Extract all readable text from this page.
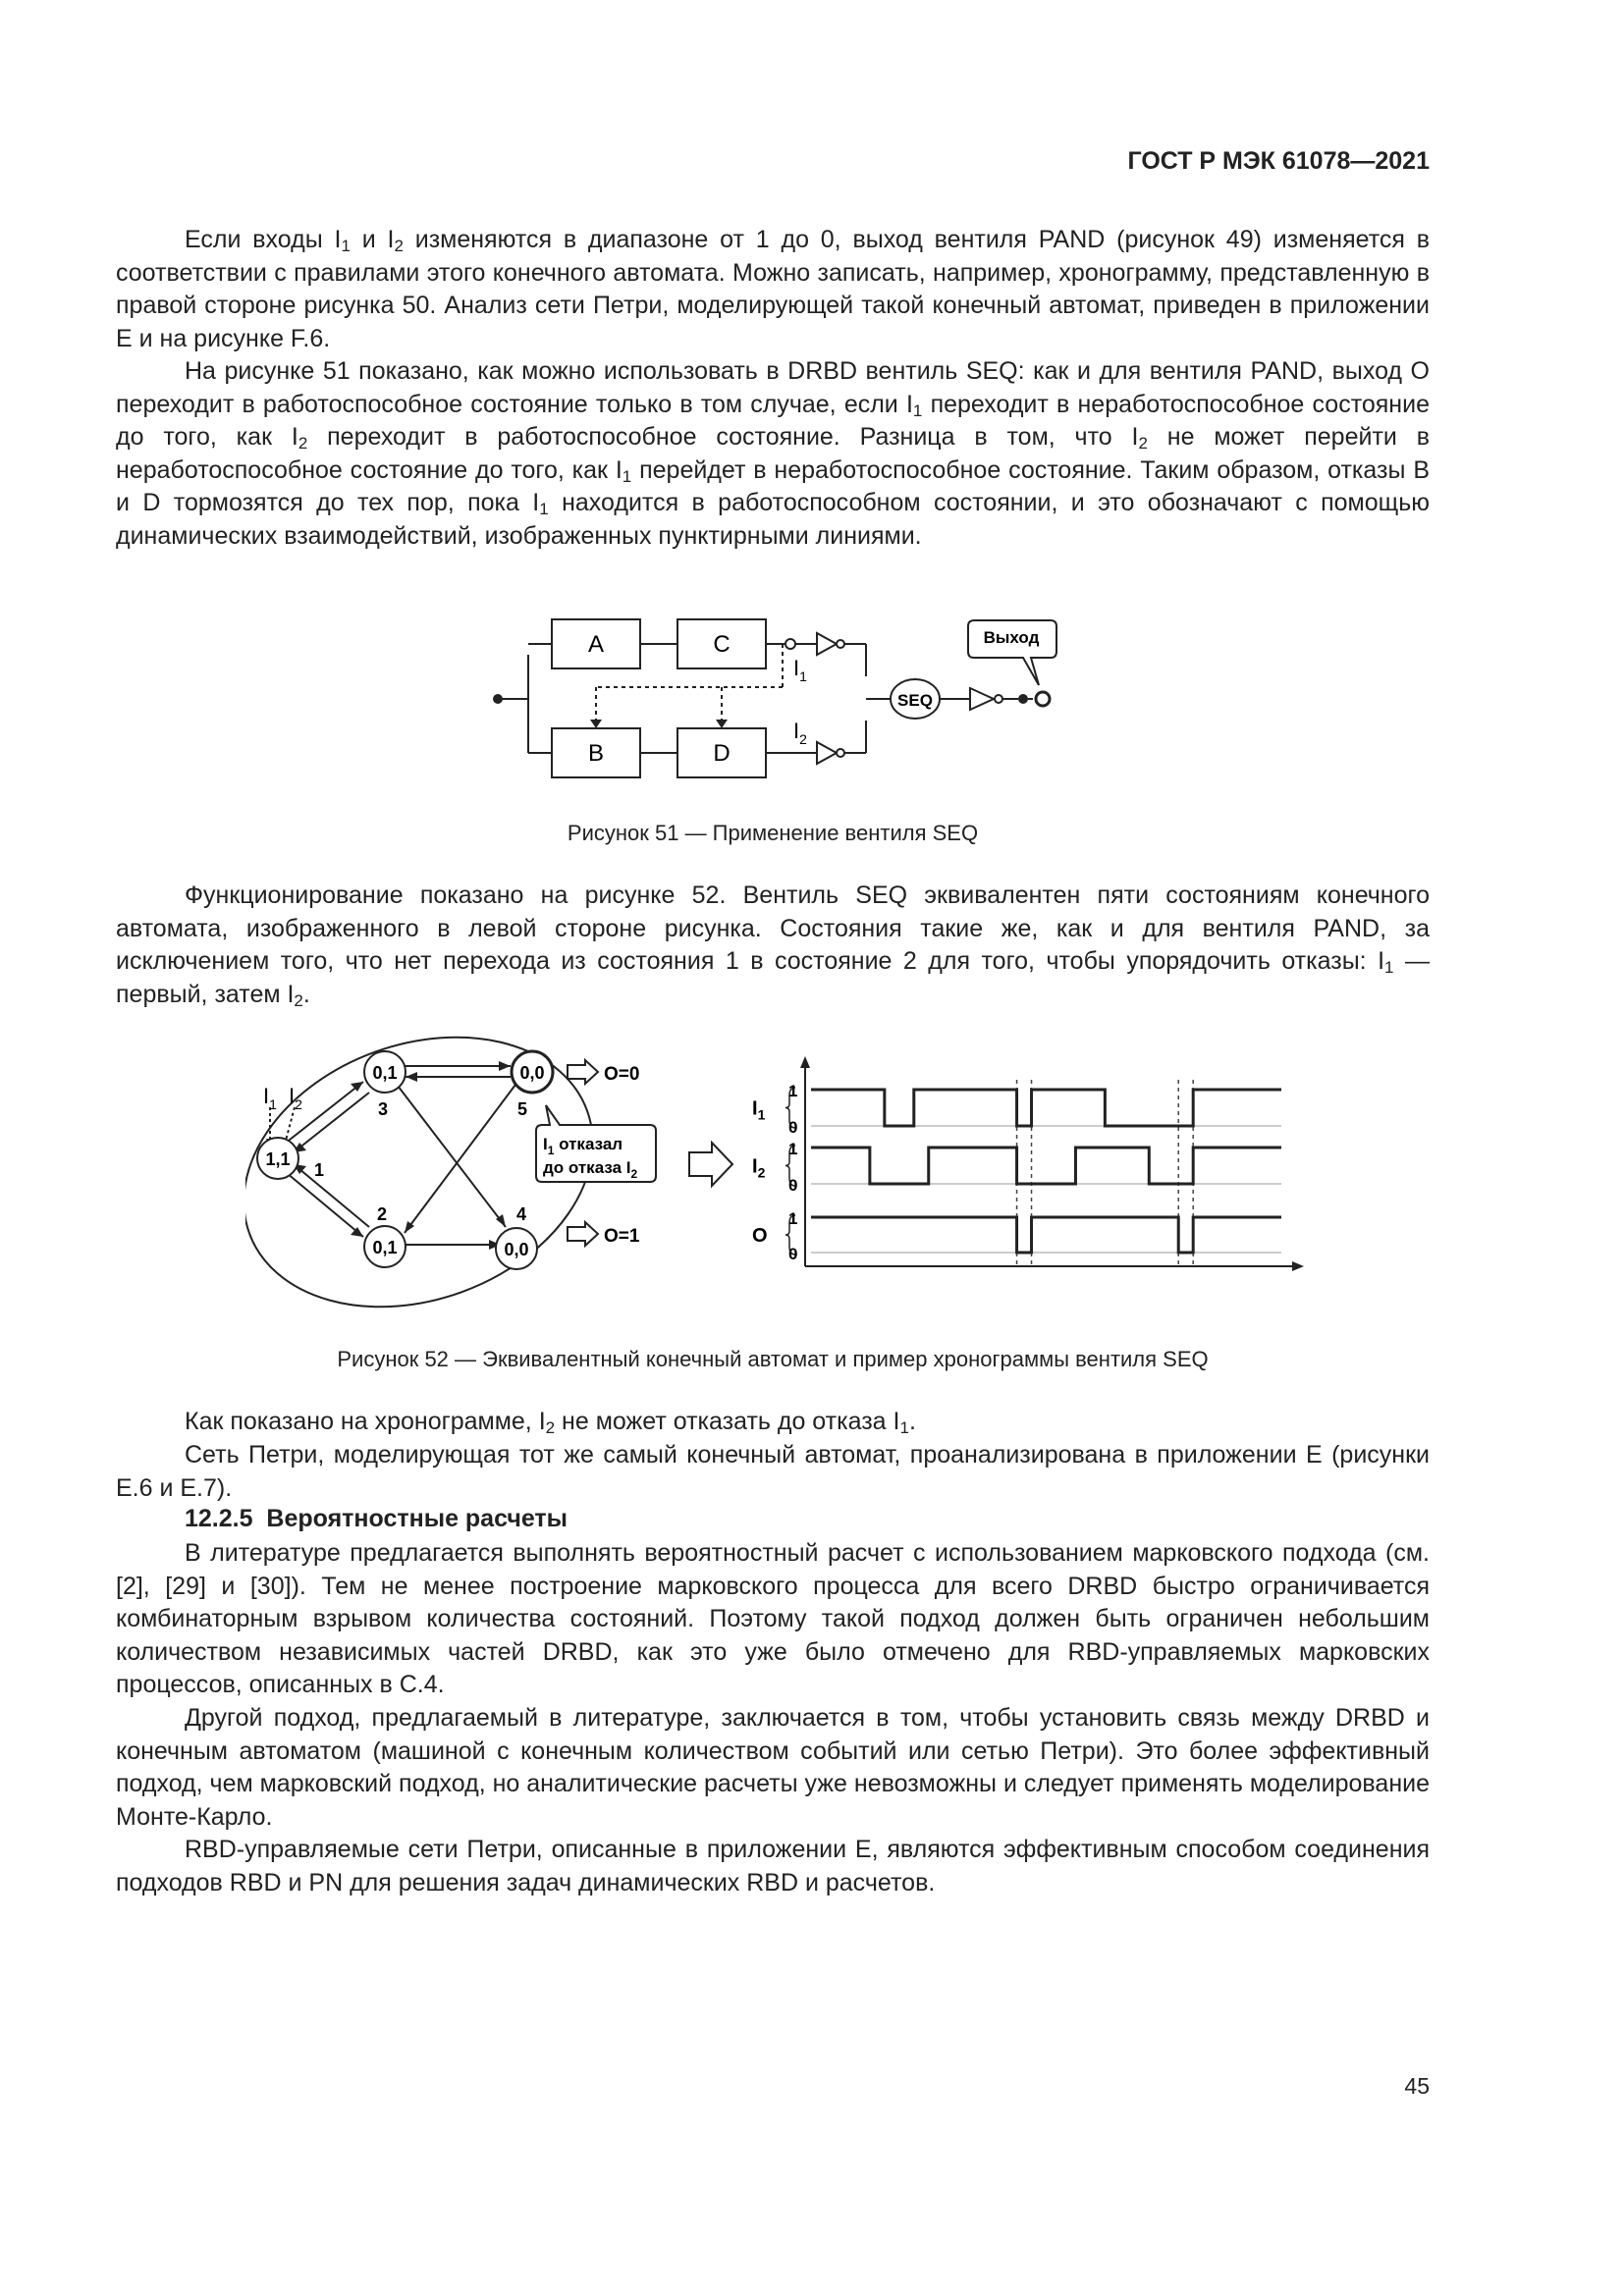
ГОСТ Р МЭК 61078—2021

Если входы $I_1$ и $I_2$ изменяются в диапазоне от 1 до 0, выход вентиля PAND (рисунок 49) изменяется в соответствии с правилами этого конечного автомата. Можно записать, например, хронограмму, представленную в правой стороне рисунка 50. Анализ сети Петри, моделирующей такой конечный автомат, приведен в приложении E и на рисунке F.6.

На рисунке 51 показано, как можно использовать в DRBD вентиль SEQ: как и для вентиля PAND, выход O переходит в работоспособное состояние только в том случае, если $I_1$ переходит в неработоспособное состояние до того, как $I_2$ переходит в работоспособное состояние. Разница в том, что $I_2$ не может перейти в неработоспособное состояние до того, как $I_1$ перейдет в неработоспособное состояние. Таким образом, отказы B и D тормозятся до тех пор, пока $I_1$ находится в работоспособном состоянии, и это обозначают с помощью динамических взаимодействий, изображенных пунктирными линиями.

A	C
B	D
$I_1$
$I_2$
SEQ
Выход
Рисунок 51 — Применение вентиля SEQ

Функционирование показано на рисунке 52. Вентиль SEQ эквивалентен пяти состояниям конечного автомата, изображенного в левой стороне рисунка. Состояния такие же, как и для вентиля PAND, за исключением того, что нет перехода из состояния 1 в состояние 2 для того, чтобы упорядочить отказы: $I_1$ — первый, затем $I_2$.

$I_1$ $I_2$
1,1
1
0,1
2
0,1
3
0,0
4
0,0
5
O=0
O=1
$I_1$ отказал
до отказа $I_2$
1
0
$I_1$
1
0
$I_2$
1
0
O
Рисунок 52 — Эквивалентный конечный автомат и пример хронограммы вентиля SEQ

Как показано на хронограмме, $I_2$ не может отказать до отказа $I_1$.

Сеть Петри, моделирующая тот же самый конечный автомат, проанализирована в приложении E (рисунки E.6 и E.7).

12.2.5 Вероятностные расчеты

В литературе предлагается выполнять вероятностный расчет с использованием марковского подхода (см. [2], [29] и [30]). Тем не менее построение марковского процесса для всего DRBD быстро ограничивается комбинаторным взрывом количества состояний. Поэтому такой подход должен быть ограничен небольшим количеством независимых частей DRBD, как это уже было отмечено для RBD-управляемых марковских процессов, описанных в С.4.

Другой подход, предлагаемый в литературе, заключается в том, чтобы установить связь между DRBD и конечным автоматом (машиной с конечным количеством событий или сетью Петри). Это более эффективный подход, чем марковский подход, но аналитические расчеты уже невозможны и следует применять моделирование Монте-Карло.

RBD-управляемые сети Петри, описанные в приложении E, являются эффективным способом соединения подходов RBD и PN для решения задач динамических RBD и расчетов.

45
